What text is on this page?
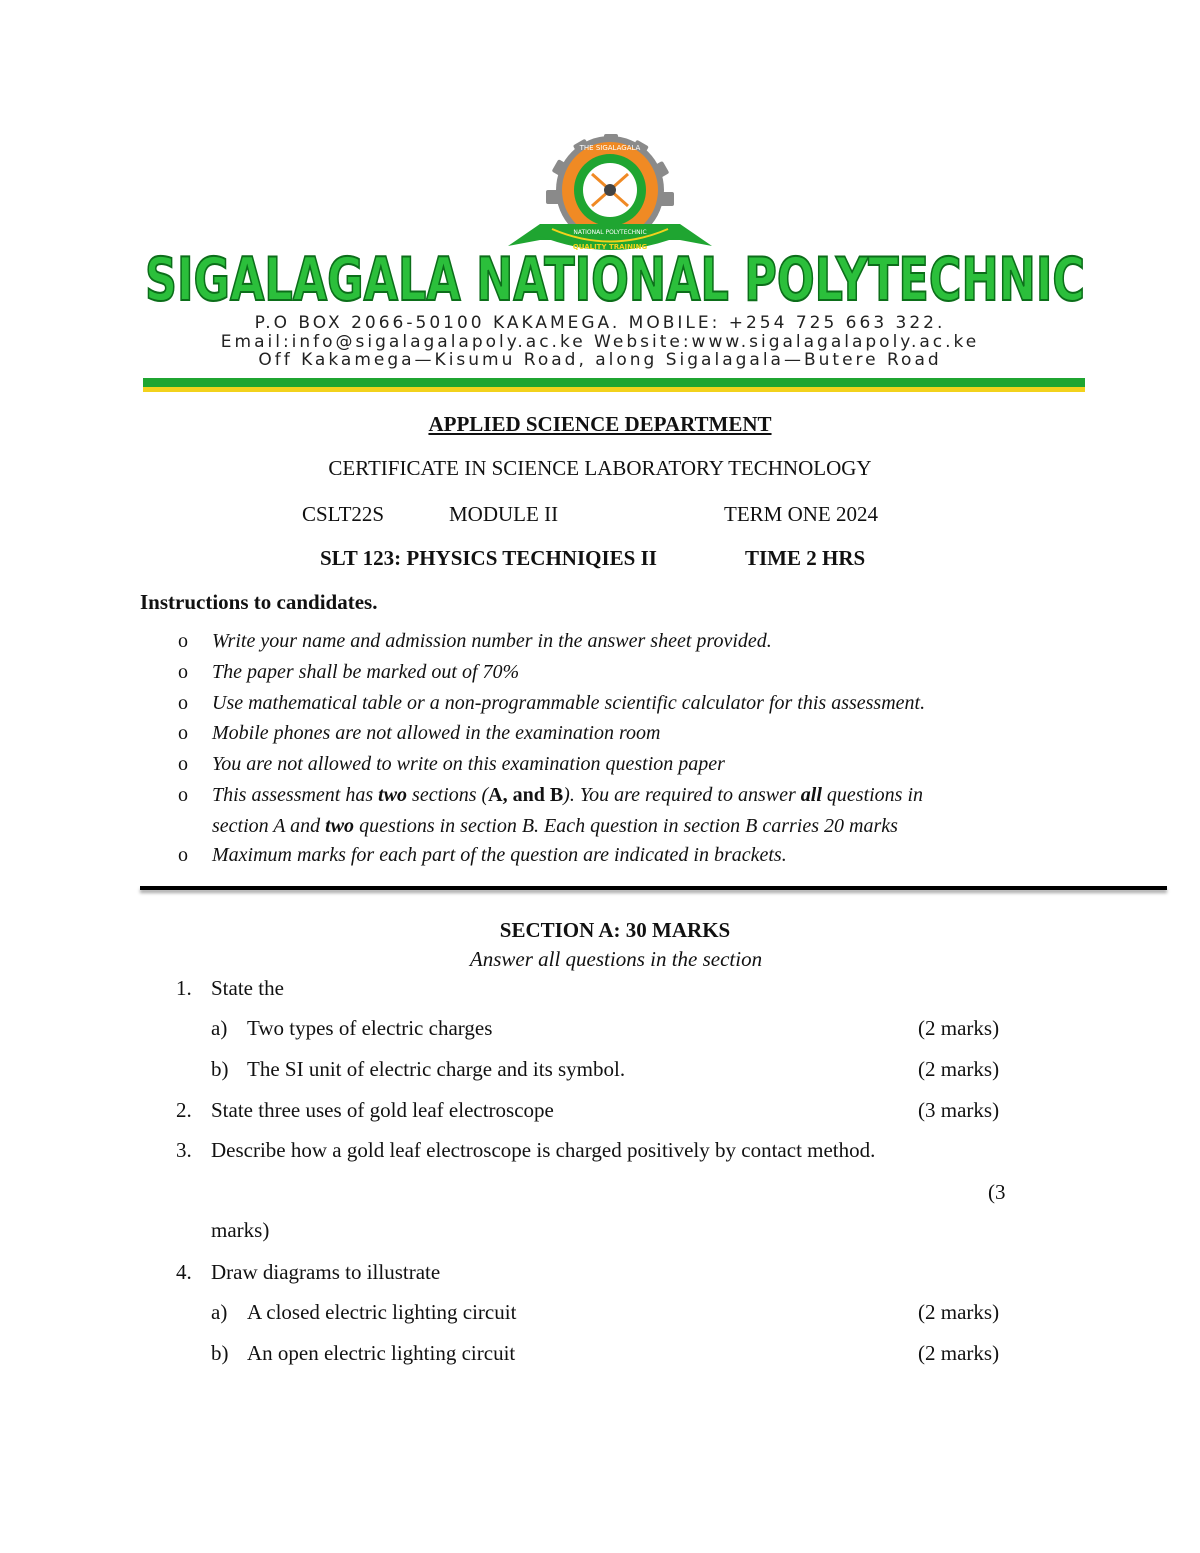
THE SIGALAGALA
NATIONAL POLYTECHNIC
QUALITY TRAINING
SIGALAGALA NATIONAL POLYTECHNIC
P.O BOX 2066-50100 KAKAMEGA. MOBILE: +254 725 663 322.
Email:info@sigalagalapoly.ac.ke Website:www.sigalagalapoly.ac.ke
Off Kakamega—Kisumu Road, along Sigalagala—Butere Road
APPLIED SCIENCE DEPARTMENT
CERTIFICATE IN SCIENCE LABORATORY TECHNOLOGY
CSLT22S	MODULE II	TERM ONE 2024
SLT 123: PHYSICS TECHNIQIES II	TIME 2 HRS
Instructions to candidates.
o Write your name and admission number in the answer sheet provided.
o The paper shall be marked out of 70%
o Use mathematical table or a non-programmable scientific calculator for this assessment.
o Mobile phones are not allowed in the examination room
o You are not allowed to write on this examination question paper
o This assessment has two sections (A, and B). You are required to answer all questions in
section A and two questions in section B. Each question in section B carries 20 marks
o Maximum marks for each part of the question are indicated in brackets.
SECTION A: 30 MARKS
Answer all questions in the section
1. State the
a) Two types of electric charges	(2 marks)
b) The SI unit of electric charge and its symbol.	(2 marks)
2. State three uses of gold leaf electroscope	(3 marks)
3. Describe how a gold leaf electroscope is charged positively by contact method.
(3
marks)
4. Draw diagrams to illustrate
a) A closed electric lighting circuit	(2 marks)
b) An open electric lighting circuit	(2 marks)
